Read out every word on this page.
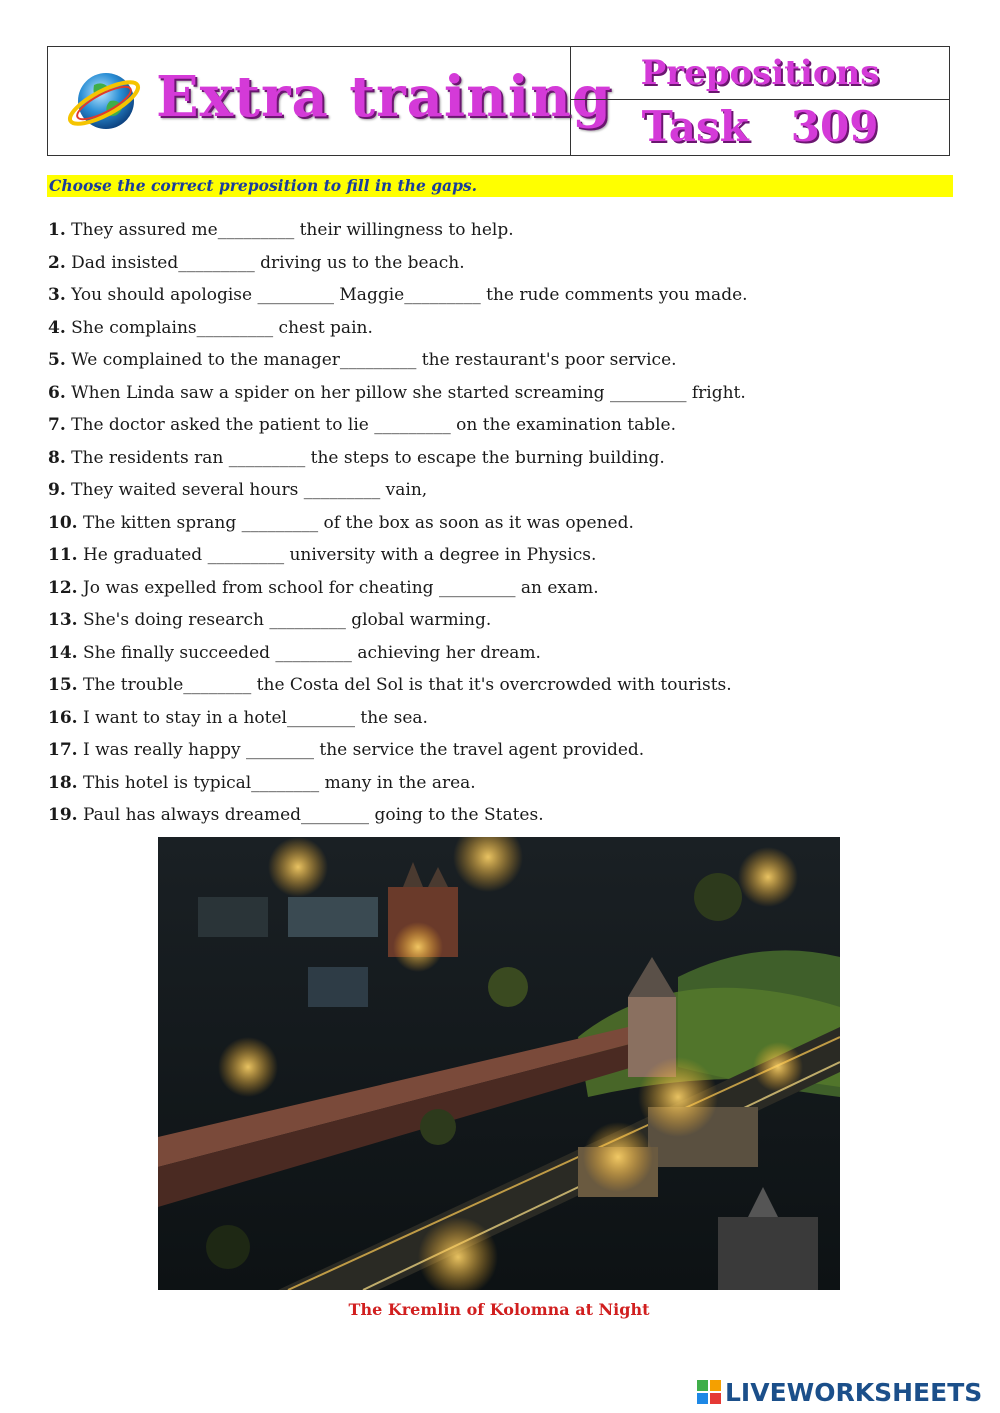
Extra training Prepositions
Task 309
Choose the correct preposition to fill in the gaps.
1. They assured me_________ their willingness to help.
2. Dad insisted_________ driving us to the beach.
3. You should apologise _________ Maggie_________ the rude comments you made.
4. She complains_________ chest pain.
5. We complained to the manager_________ the restaurant's poor service.
6. When Linda saw a spider on her pillow she started screaming _________ fright.
7. The doctor asked the patient to lie _________ on the examination table.
8. The residents ran _________ the steps to escape the burning building.
9. They waited several hours _________ vain,
10. The kitten sprang _________ of the box as soon as it was opened.
11. He graduated _________ university with a degree in Physics.
12. Jo was expelled from school for cheating _________ an exam.
13. She's doing research _________ global warming.
14. She finally succeeded _________ achieving her dream.
15. The trouble________ the Costa del Sol is that it's overcrowded with tourists.
16. I want to stay in a hotel________ the sea.
17. I was really happy ________ the service the travel agent provided.
18. This hotel is typical________ many in the area.
19. Paul has always dreamed________ going to the States.
The Kremlin of Kolomna at Night
LIVEWORKSHEETS
